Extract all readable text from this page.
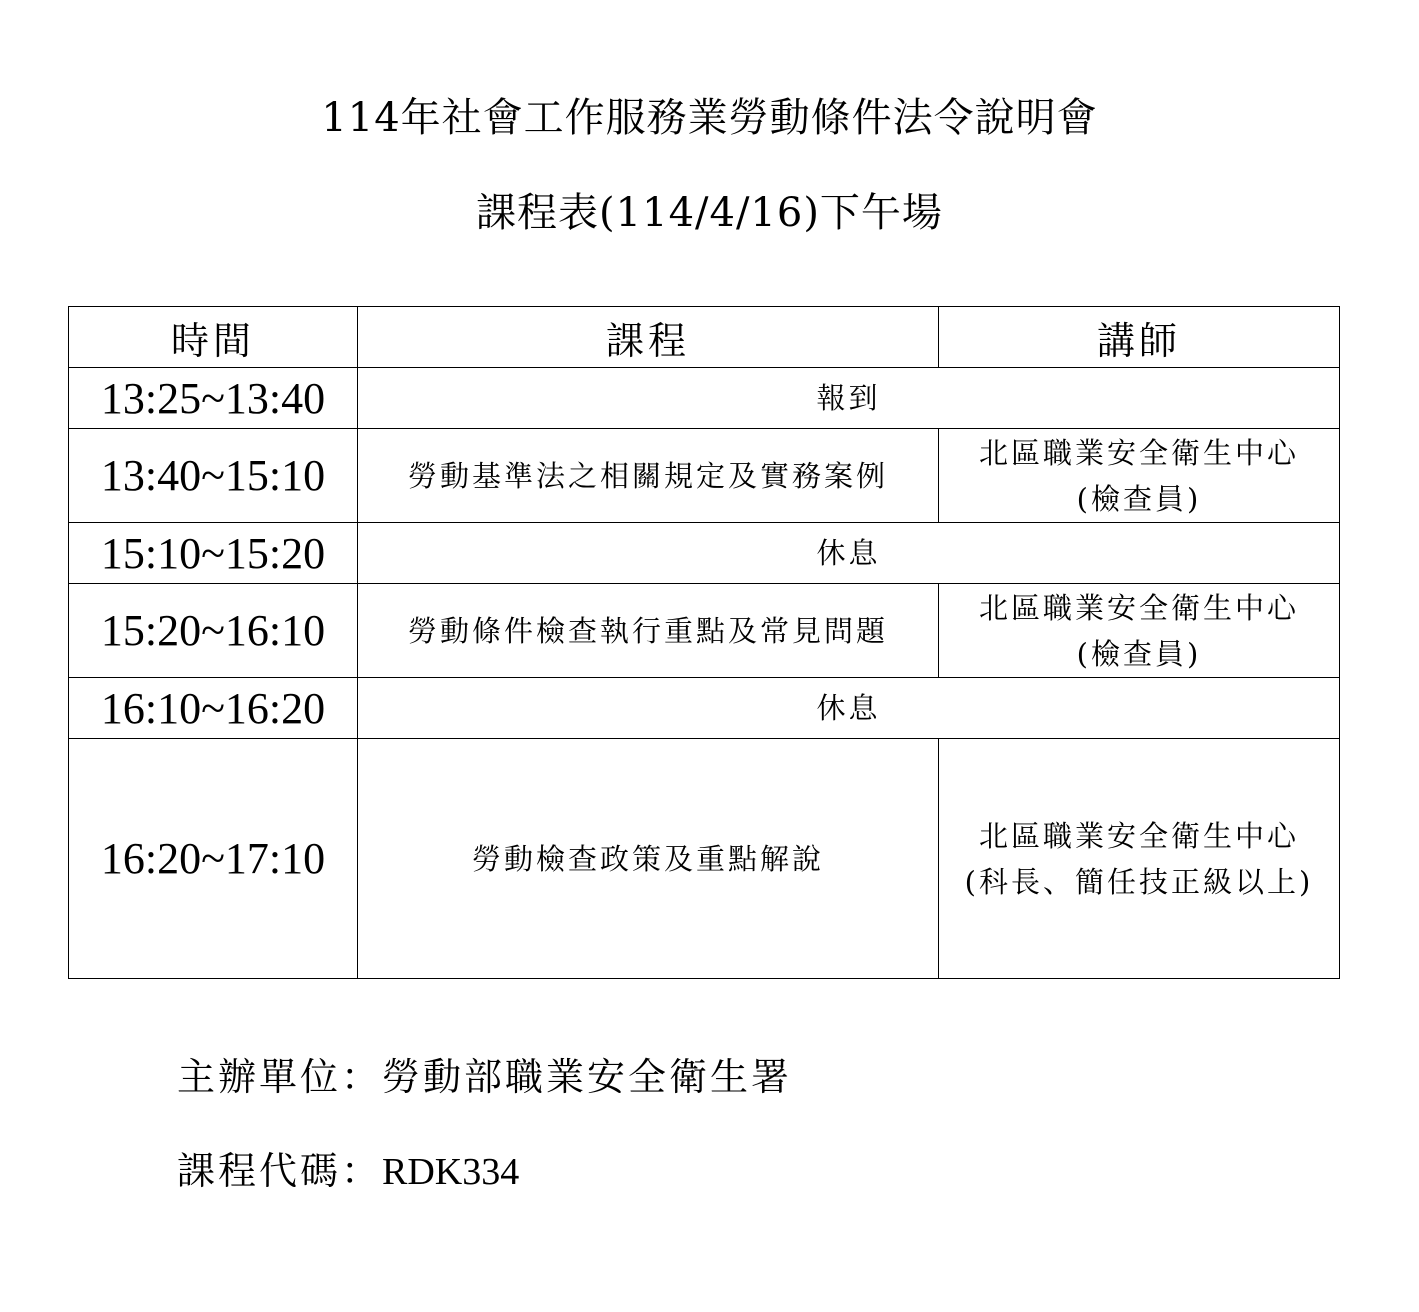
114年社會工作服務業勞動條件法令說明會
課程表(114/4/16)下午場
時間	課程	講師
13:25~13:40	報到	
13:40~15:10	勞動基準法之相關規定及實務案例	北區職業安全衛生中心
(檢查員)

15:10~15:20	休息	
15:20~16:10	勞動條件檢查執行重點及常見問題	北區職業安全衛生中心
(檢查員)

16:10~16:20	休息	
16:20~17:10	勞動檢查政策及重點解說	北區職業安全衛生中心
(科長、簡任技正級以上)
主辦單位：勞動部職業安全衛生署
課程代碼：RDK334
